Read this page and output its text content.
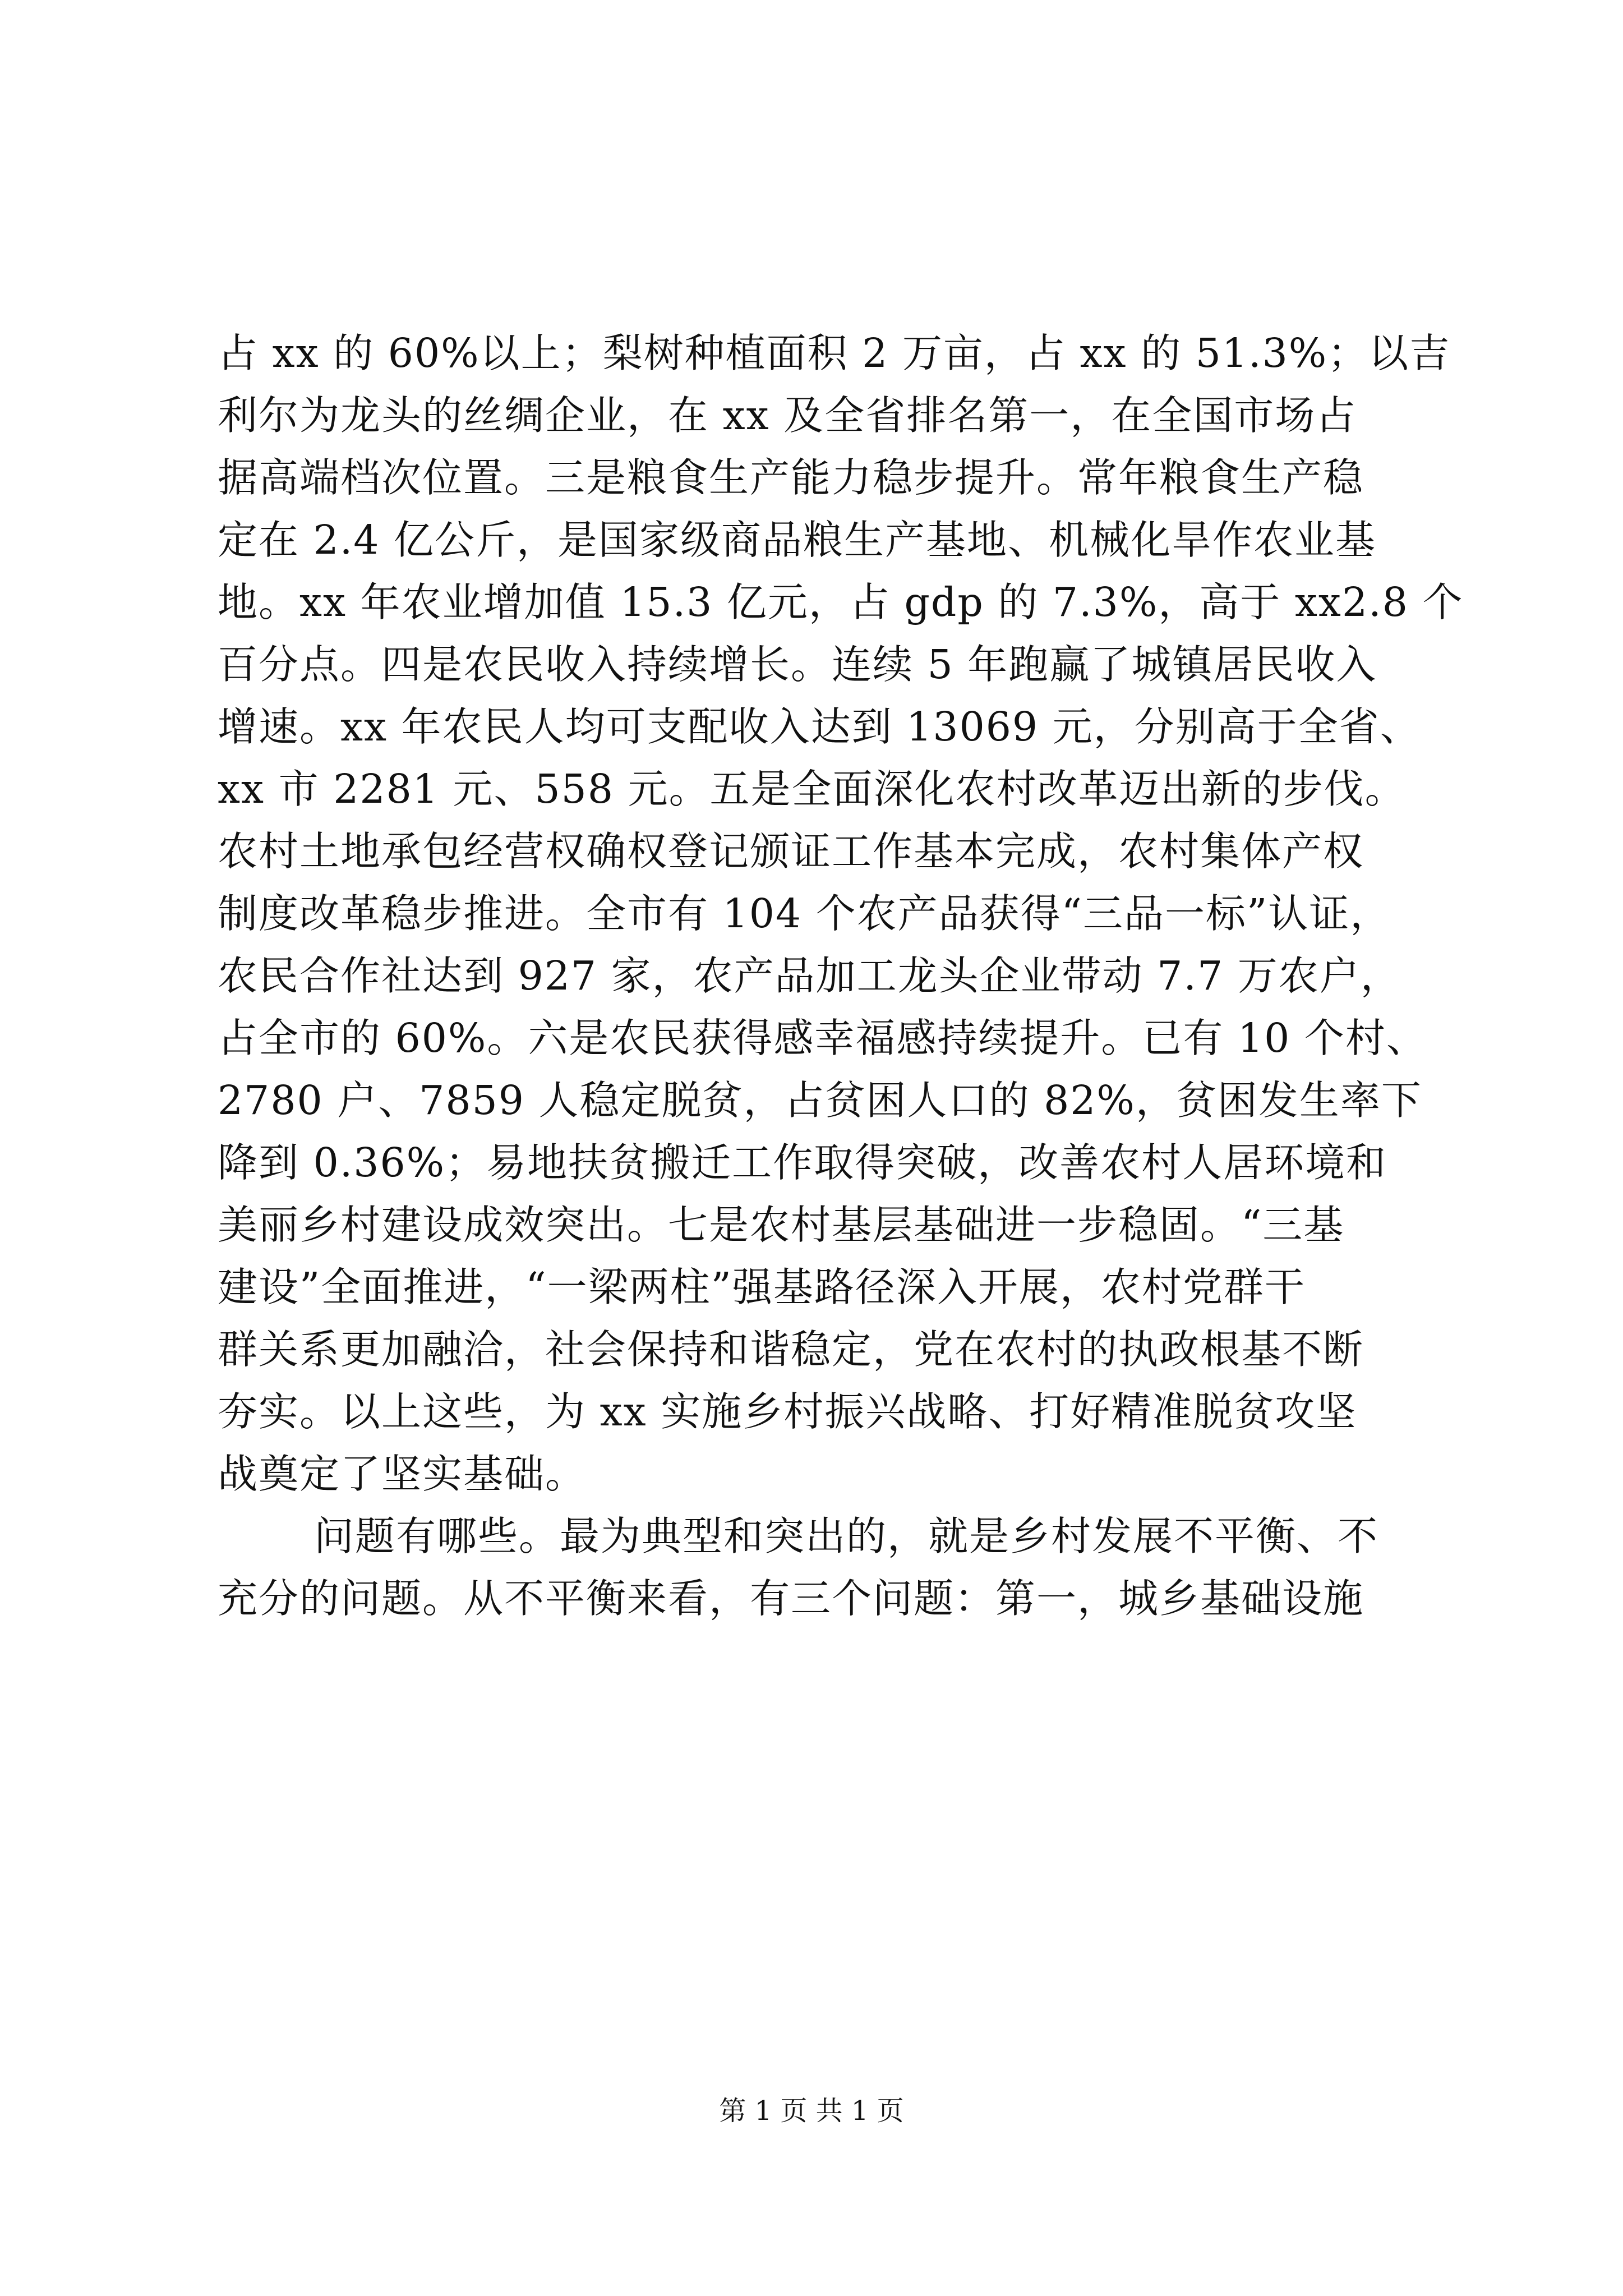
占 xx 的 60%以上；梨树种植面积 2 万亩，占 xx 的 51.3%；以吉
利尔为龙头的丝绸企业，在 xx 及全省排名第一，在全国市场占
据高端档次位置。三是粮食生产能力稳步提升。常年粮食生产稳
定在 2.4 亿公斤，是国家级商品粮生产基地、机械化旱作农业基
地。xx 年农业增加值 15.3 亿元，占 gdp 的 7.3%，高于 xx2.8 个
百分点。四是农民收入持续增长。连续 5 年跑赢了城镇居民收入
增速。xx 年农民人均可支配收入达到 13069 元，分别高于全省、
xx 市 2281 元、558 元。五是全面深化农村改革迈出新的步伐。
农村土地承包经营权确权登记颁证工作基本完成，农村集体产权
制度改革稳步推进。全市有 104 个农产品获得“三品一标”认证，
农民合作社达到 927 家，农产品加工龙头企业带动 7.7 万农户，
占全市的 60%。六是农民获得感幸福感持续提升。已有 10 个村、
2780 户、7859 人稳定脱贫，占贫困人口的 82%，贫困发生率下
降到 0.36%；易地扶贫搬迁工作取得突破，改善农村人居环境和
美丽乡村建设成效突出。七是农村基层基础进一步稳固。“三基
建设”全面推进，“一梁两柱”强基路径深入开展，农村党群干
群关系更加融洽，社会保持和谐稳定，党在农村的执政根基不断
夯实。以上这些，为 xx 实施乡村振兴战略、打好精准脱贫攻坚
战奠定了坚实基础。
问题有哪些。最为典型和突出的，就是乡村发展不平衡、不
充分的问题。从不平衡来看，有三个问题：第一，城乡基础设施
第 1 页 共 1 页
